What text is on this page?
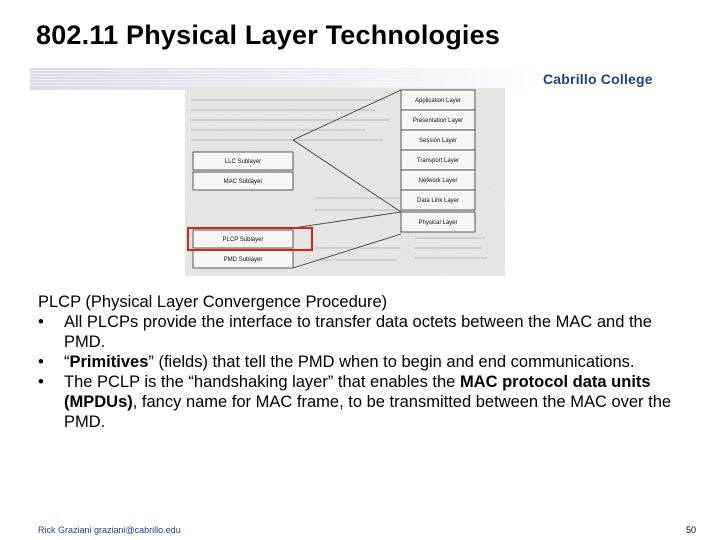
802.11 Physical Layer Technologies
Cabrillo College
Application Layer
Presentation Layer
Session Layer
Transport Layer
Network Layer
Data Link Layer
Physical Layer
LLC Sublayer
MAC Sublayer
PLCP Sublayer
PMD Sublayer
PLCP (Physical Layer Convergence Procedure)
• All PLCPs provide the interface to transfer data octets between the MAC and the PMD.
• “Primitives” (fields) that tell the PMD when to begin and end communications.
• The PCLP is the “handshaking layer” that enables the MAC protocol data units (MPDUs), fancy name for MAC frame, to be transmitted between the MAC over the PMD.
Rick Graziani graziani@cabrillo.edu	50
